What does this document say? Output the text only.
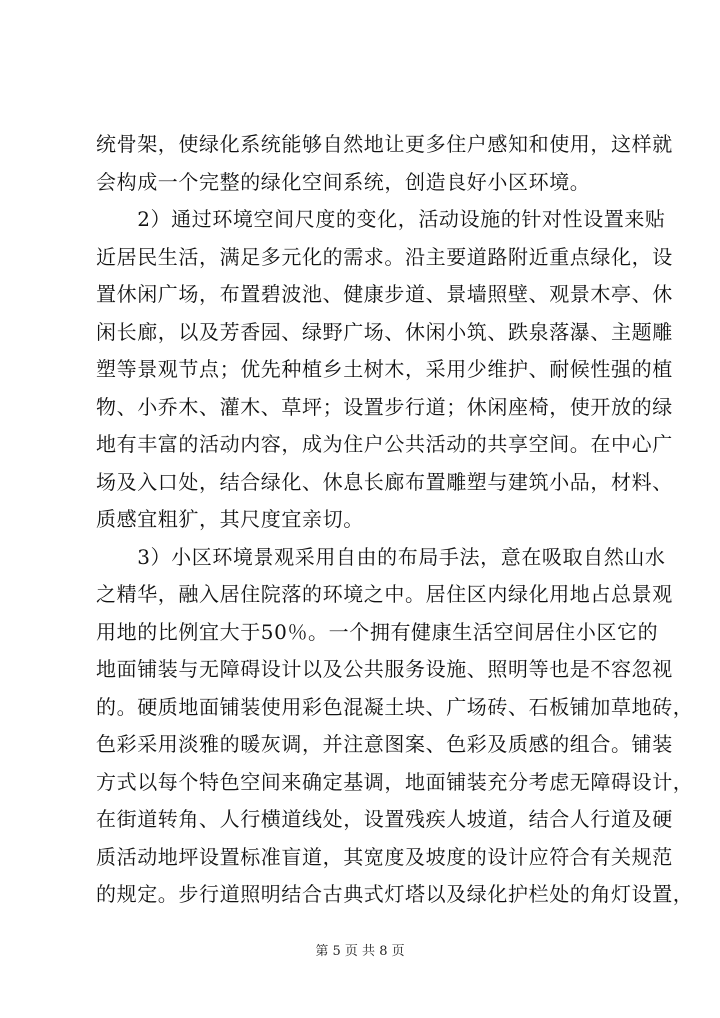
统骨架，使绿化系统能够自然地让更多住户感知和使用，这样就
会构成一个完整的绿化空间系统，创造良好小区环境。
　　2）通过环境空间尺度的变化，活动设施的针对性设置来贴
近居民生活，满足多元化的需求。沿主要道路附近重点绿化，设
置休闲广场，布置碧波池、健康步道、景墙照壁、观景木亭、休
闲长廊，以及芳香园、绿野广场、休闲小筑、跌泉落瀑、主题雕
塑等景观节点；优先种植乡土树木，采用少维护、耐候性强的植
物、小乔木、灌木、草坪；设置步行道；休闲座椅，使开放的绿
地有丰富的活动内容，成为住户公共活动的共享空间。在中心广
场及入口处，结合绿化、休息长廊布置雕塑与建筑小品，材料、
质感宜粗犷，其尺度宜亲切。
　　3）小区环境景观采用自由的布局手法，意在吸取自然山水
之精华，融入居住院落的环境之中。居住区内绿化用地占总景观
用地的比例宜大于50％。一个拥有健康生活空间居住小区它的
地面铺装与无障碍设计以及公共服务设施、照明等也是不容忽视
的。硬质地面铺装使用彩色混凝土块、广场砖、石板铺加草地砖，
色彩采用淡雅的暖灰调，并注意图案、色彩及质感的组合。铺装
方式以每个特色空间来确定基调，地面铺装充分考虑无障碍设计，
在街道转角、人行横道线处，设置残疾人坡道，结合人行道及硬
质活动地坪设置标准盲道，其宽度及坡度的设计应符合有关规范
的规定。步行道照明结合古典式灯塔以及绿化护栏处的角灯设置，
第 5 页 共 8 页
